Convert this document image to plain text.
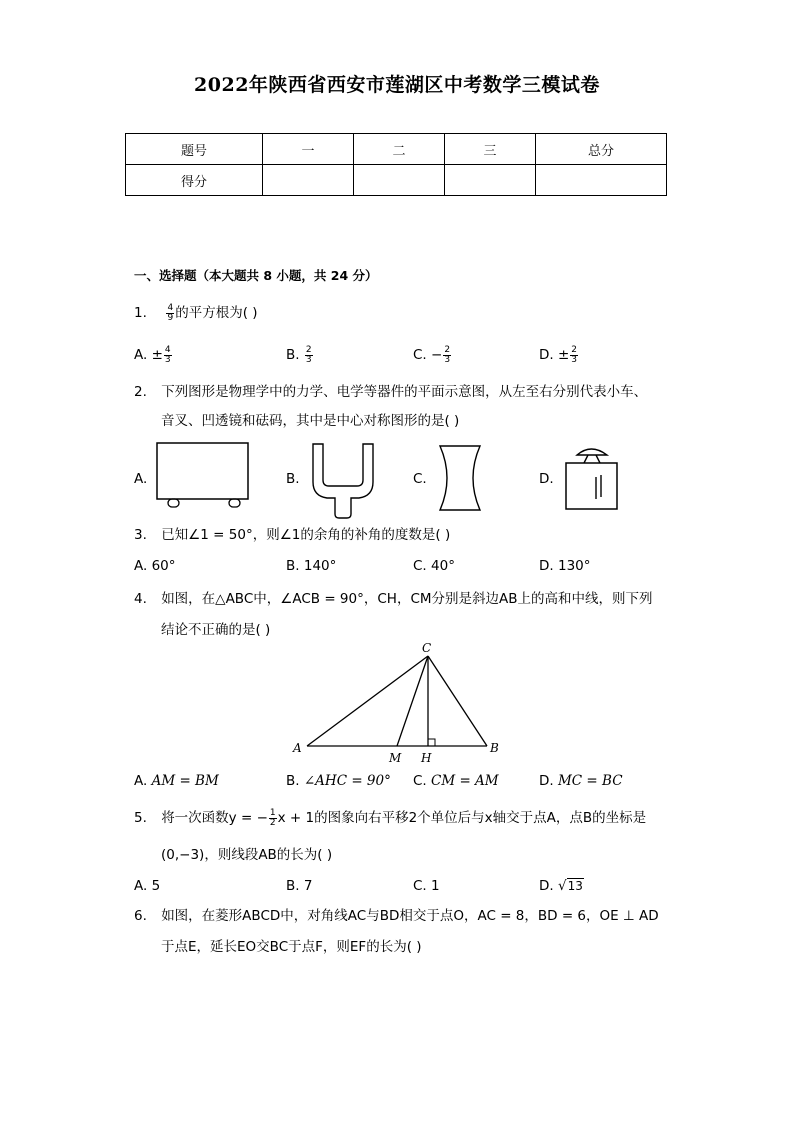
2022年陕西省西安市莲湖区中考数学三模试卷
题号	一	二	三	总分
得分				
一、选择题（本大题共 8 小题，共 24 分）
1. $\frac{4}{9}$ 的平方根为( )
A. ± $\frac{4}{3}$	B. $\frac{2}{3}$	C. − $\frac{2}{3}$	D. ± $\frac{2}{3}$
2. 下列图形是物理学中的力学、电学等器件的平面示意图，从左至右分别代表小车、
音叉、凹透镜和砝码，其中是中心对称图形的是( )
A.	B.	C.	D.
3. 已知∠1 = 50°，则∠1的余角的补角的度数是( )
A. 60°	B. 140°	C. 40°	D. 130°
4. 如图，在△ABC中，∠ACB = 90°，CH，CM分别是斜边AB上的高和中线，则下列
结论不正确的是( )
C
A	B
M H
A. AM = BM	B. ∠AHC = 90° C. CM = AM	D. MC = BC
5. 将一次函数y = − $\frac{1}{2}$ x + 1的图象向右平移2个单位后与x轴交于点A，点B的坐标是
(0,−3)，则线段AB的长为( )
A. 5	B. 7	C. 1	D. √13
6. 如图，在菱形ABCD中，对角线AC与BD相交于点O，AC = 8，BD = 6，OE ⊥ AD
于点E，延长EO交BC于点F，则EF的长为( )
